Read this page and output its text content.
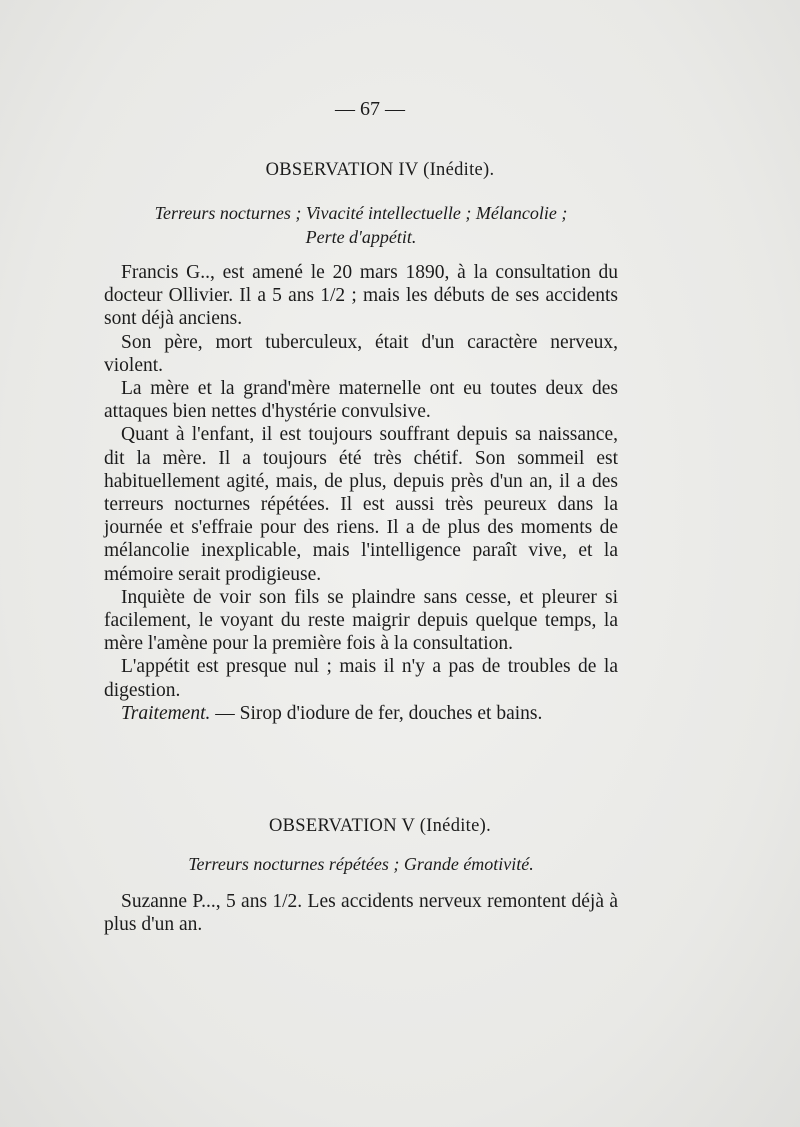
— 67 —
OBSERVATION IV (Inédite).
Terreurs nocturnes ; Vivacité intellectuelle ; Mélancolie ;
Perte d'appétit.

Francis G.., est amené le 20 mars 1890, à la consultation du docteur Ollivier. Il a 5 ans 1/2 ; mais les débuts de ses accidents sont déjà anciens.

Son père, mort tuberculeux, était d'un caractère nerveux, violent.

La mère et la grand'mère maternelle ont eu toutes deux des attaques bien nettes d'hystérie convulsive.

Quant à l'enfant, il est toujours souffrant depuis sa naissance, dit la mère. Il a toujours été très chétif. Son sommeil est habituellement agité, mais, de plus, depuis près d'un an, il a des terreurs nocturnes répétées. Il est aussi très peureux dans la journée et s'effraie pour des riens. Il a de plus des moments de mélancolie inexplicable, mais l'intelligence paraît vive, et la mémoire serait prodigieuse.

Inquiète de voir son fils se plaindre sans cesse, et pleurer si facilement, le voyant du reste maigrir depuis quelque temps, la mère l'amène pour la première fois à la consultation.

L'appétit est presque nul ; mais il n'y a pas de troubles de la digestion.

Traitement. — Sirop d'iodure de fer, douches et bains.

OBSERVATION V (Inédite).
Terreurs nocturnes répétées ; Grande émotivité.

Suzanne P..., 5 ans 1/2. Les accidents nerveux remontent déjà à plus d'un an.
